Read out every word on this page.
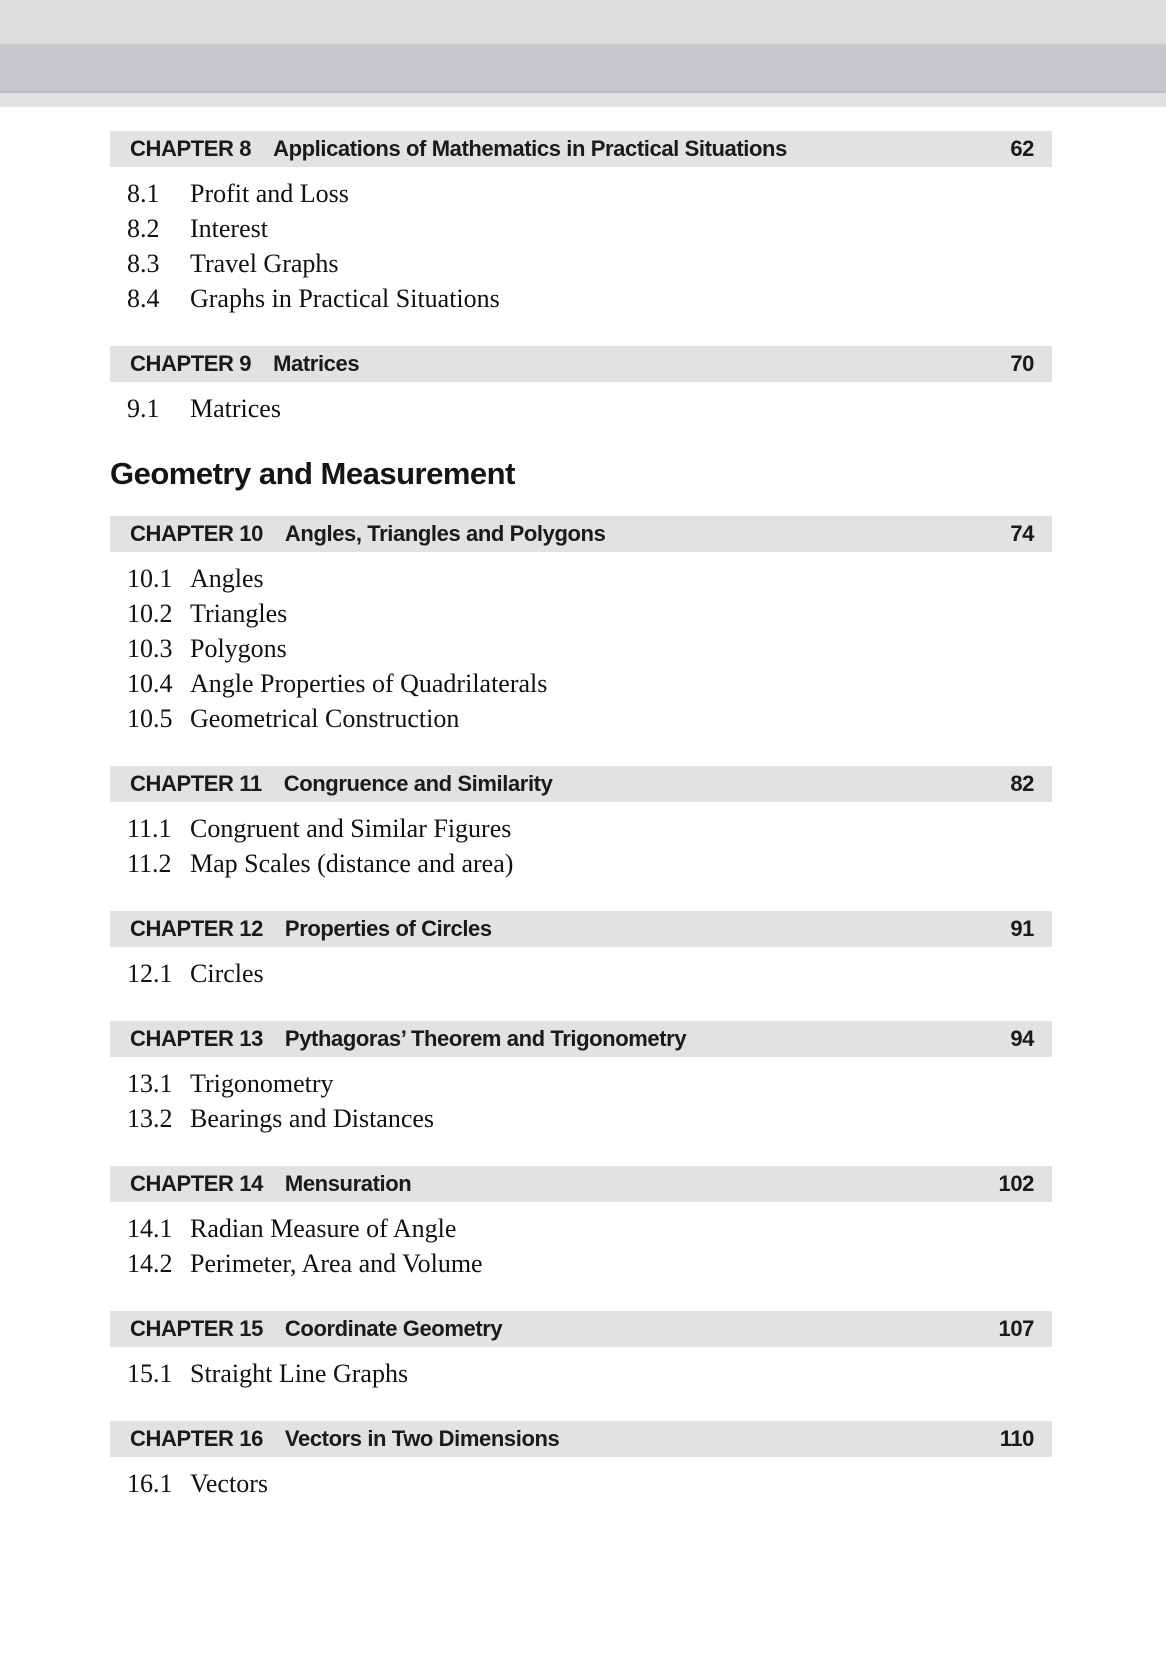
CHAPTER 8 Applications of Mathematics in Practical Situations	62
8.1	Profit and Loss
8.2	Interest
8.3	Travel Graphs
8.4	Graphs in Practical Situations
CHAPTER 9 Matrices	70
9.1	Matrices
Geometry and Measurement
CHAPTER 10 Angles, Triangles and Polygons	74
10.1 Angles
10.2 Triangles
10.3 Polygons
10.4 Angle Properties of Quadrilaterals
10.5 Geometrical Construction
CHAPTER 11 Congruence and Similarity	82
11.1 Congruent and Similar Figures
11.2 Map Scales (distance and area)
CHAPTER 12 Properties of Circles	91
12.1 Circles
CHAPTER 13 Pythagoras’ Theorem and Trigonometry	94
13.1 Trigonometry
13.2 Bearings and Distances
CHAPTER 14 Mensuration	102
14.1 Radian Measure of Angle
14.2 Perimeter, Area and Volume
CHAPTER 15 Coordinate Geometry	107
15.1 Straight Line Graphs
CHAPTER 16 Vectors in Two Dimensions	110
16.1 Vectors
